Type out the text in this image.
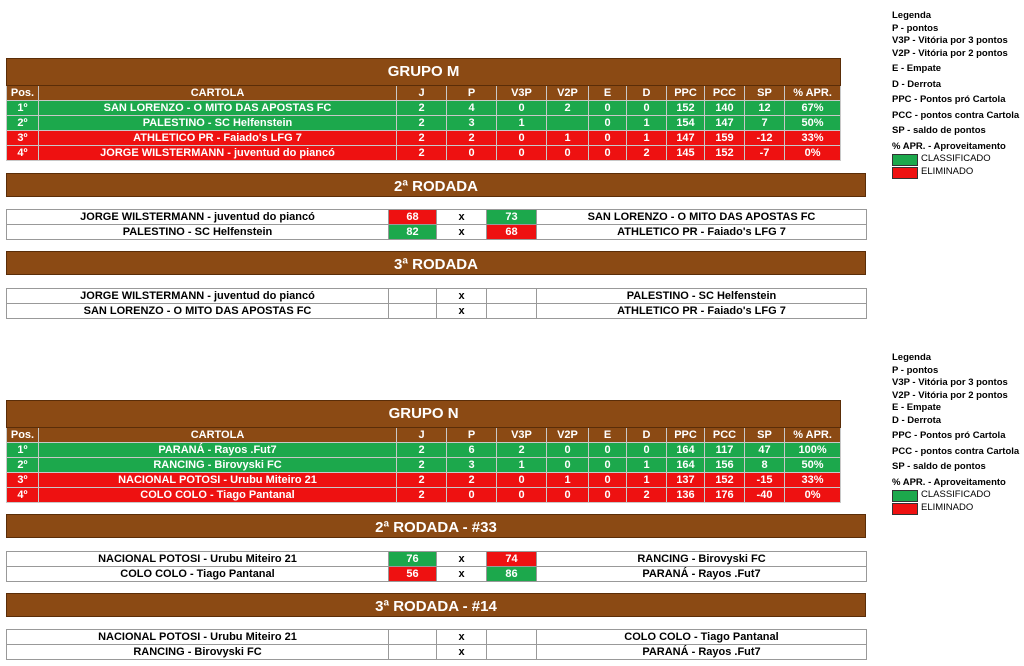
GRUPO M											
Pos.	CARTOLA	J	P	V3P	V2P	E	D	PPC	PCC	SP	% APR.
1º	SAN LORENZO - O MITO DAS APOSTAS FC	2	4	0	2	0	0	152	140	12	67%
2º	PALESTINO - SC Helfenstein	2	3	1		0	1	154	147	7	50%
3º	ATHLETICO PR - Faiado's LFG 7	2	2	0	1	0	1	147	159	-12	33%
4º	JORGE WILSTERMANN - juventud do piancó	2	0	0	0	0	2	145	152	-7	0%
2ª RODADA
JORGE WILSTERMANN - juventud do piancó	68	x	73	SAN LORENZO - O MITO DAS APOSTAS FC
PALESTINO - SC Helfenstein	82	x	68	ATHLETICO PR - Faiado's LFG 7
3ª RODADA
JORGE WILSTERMANN - juventud do piancó		x		PALESTINO - SC Helfenstein
SAN LORENZO - O MITO DAS APOSTAS FC		x		ATHLETICO PR - Faiado's LFG 7
GRUPO N											
Pos.	CARTOLA	J	P	V3P	V2P	E	D	PPC	PCC	SP	% APR.
1º	PARANÁ - Rayos .Fut7	2	6	2	0	0	0	164	117	47	100%
2º	RANCING - Birovyski FC	2	3	1	0	0	1	164	156	8	50%
3º	NACIONAL POTOSI - Urubu Miteiro 21	2	2	0	1	0	1	137	152	-15	33%
4º	COLO COLO - Tiago Pantanal	2	0	0	0	0	2	136	176	-40	0%
2ª RODADA - #33
NACIONAL POTOSI - Urubu Miteiro 21	76	x	74	RANCING - Birovyski FC
COLO COLO - Tiago Pantanal	56	x	86	PARANÁ - Rayos .Fut7
3ª RODADA - #14
NACIONAL POTOSI - Urubu Miteiro 21		x		COLO COLO - Tiago Pantanal
RANCING - Birovyski FC		x		PARANÁ - Rayos .Fut7
Legenda
P - pontos
V3P - Vitória por 3 pontos
V2P - Vitória por 2 pontos
E - Empate
D - Derrota
PPC - Pontos pró Cartola
PCC - pontos contra Cartola
SP - saldo de pontos
% APR. - Aproveitamento
CLASSIFICADO
ELIMINADO
Legenda
P - pontos
V3P - Vitória por 3 pontos
V2P - Vitória por 2 pontos
E - Empate
D - Derrota
PPC - Pontos pró Cartola
PCC - pontos contra Cartola
SP - saldo de pontos
% APR. - Aproveitamento
CLASSIFICADO
ELIMINADO
